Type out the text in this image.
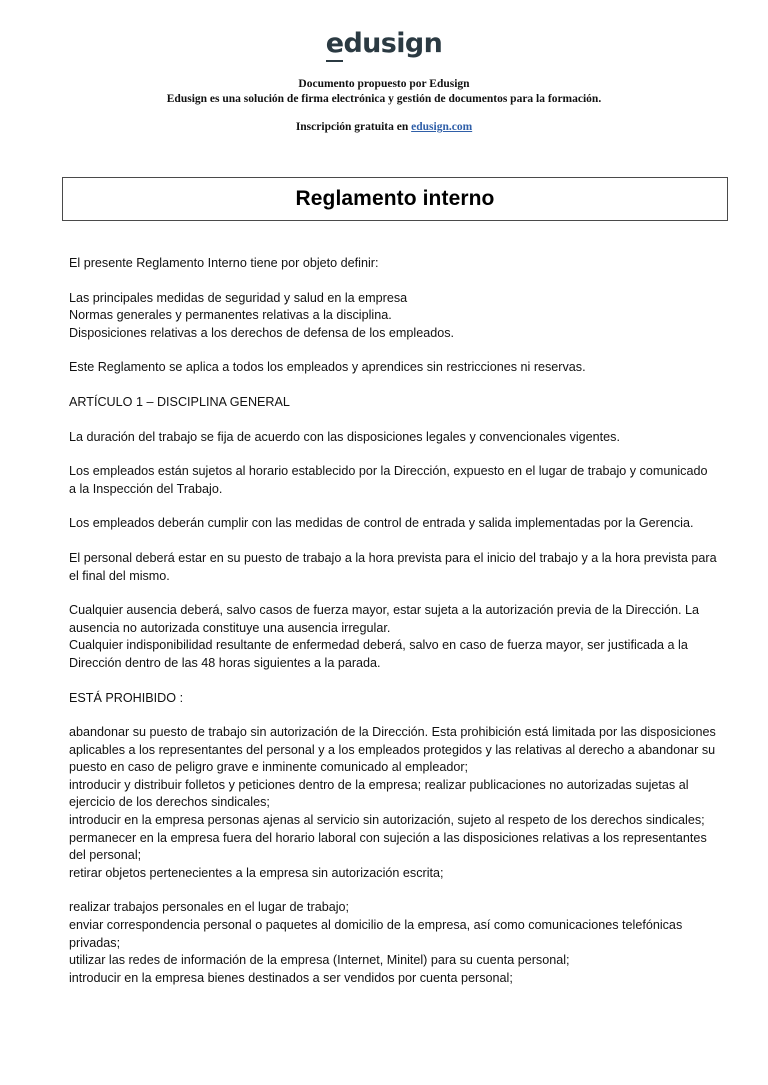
edusign
Documento propuesto por Edusign
Edusign es una solución de firma electrónica y gestión de documentos para la formación.
Inscripción gratuita en edusign.com
Reglamento interno
El presente Reglamento Interno tiene por objeto definir:
Las principales medidas de seguridad y salud en la empresa
Normas generales y permanentes relativas a la disciplina.
Disposiciones relativas a los derechos de defensa de los empleados.
Este Reglamento se aplica a todos los empleados y aprendices sin restricciones ni reservas.
ARTÍCULO 1 – DISCIPLINA GENERAL
La duración del trabajo se fija de acuerdo con las disposiciones legales y convencionales vigentes.
Los empleados están sujetos al horario establecido por la Dirección, expuesto en el lugar de trabajo y comunicado a la Inspección del Trabajo.
Los empleados deberán cumplir con las medidas de control de entrada y salida implementadas por la Gerencia.
El personal deberá estar en su puesto de trabajo a la hora prevista para el inicio del trabajo y a la hora prevista para el final del mismo.
Cualquier ausencia deberá, salvo casos de fuerza mayor, estar sujeta a la autorización previa de la Dirección. La ausencia no autorizada constituye una ausencia irregular.
Cualquier indisponibilidad resultante de enfermedad deberá, salvo en caso de fuerza mayor, ser justificada a la Dirección dentro de las 48 horas siguientes a la parada.
ESTÁ PROHIBIDO :
abandonar su puesto de trabajo sin autorización de la Dirección. Esta prohibición está limitada por las disposiciones aplicables a los representantes del personal y a los empleados protegidos y las relativas al derecho a abandonar su puesto en caso de peligro grave e inminente comunicado al empleador;
introducir y distribuir folletos y peticiones dentro de la empresa; realizar publicaciones no autorizadas sujetas al ejercicio de los derechos sindicales;
introducir en la empresa personas ajenas al servicio sin autorización, sujeto al respeto de los derechos sindicales;
permanecer en la empresa fuera del horario laboral con sujeción a las disposiciones relativas a los representantes del personal;
retirar objetos pertenecientes a la empresa sin autorización escrita;
realizar trabajos personales en el lugar de trabajo;
enviar correspondencia personal o paquetes al domicilio de la empresa, así como comunicaciones telefónicas privadas;
utilizar las redes de información de la empresa (Internet, Minitel) para su cuenta personal;
introducir en la empresa bienes destinados a ser vendidos por cuenta personal;
